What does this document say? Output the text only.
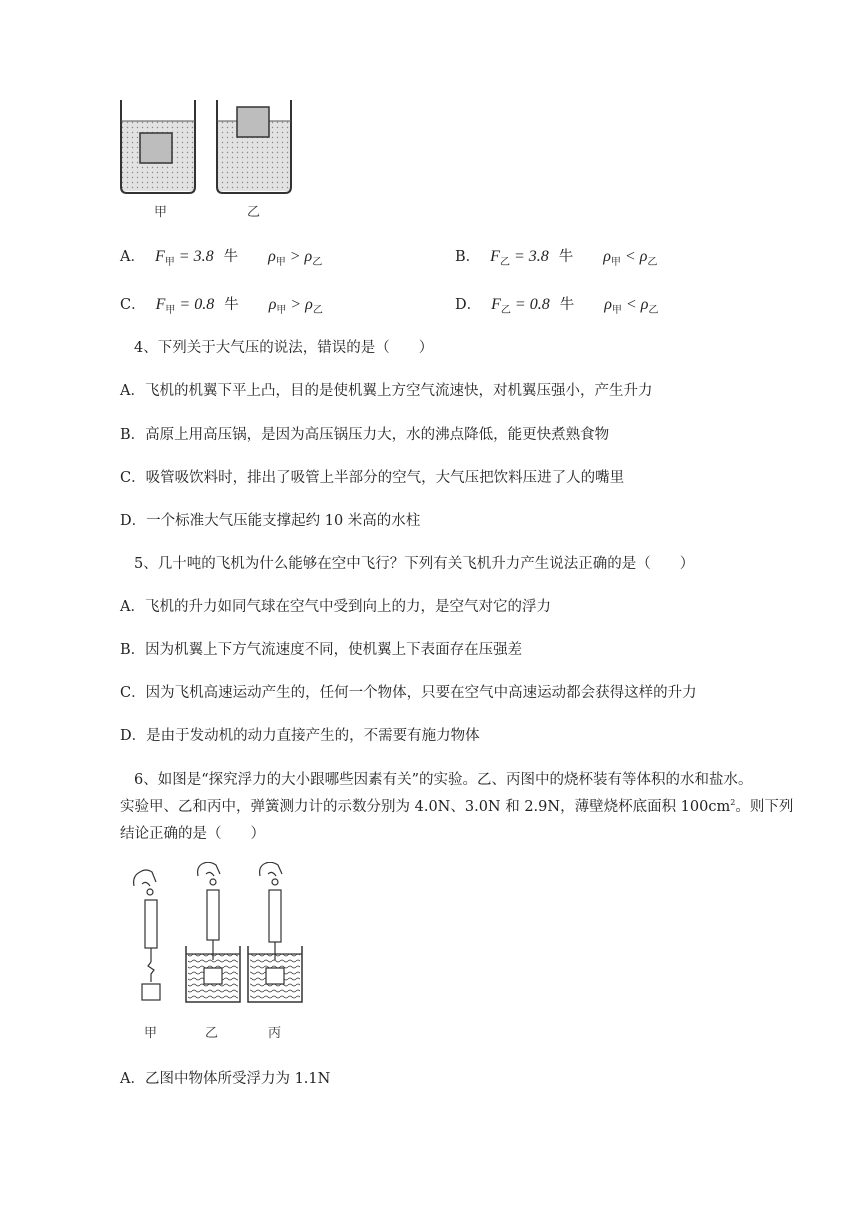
甲	乙
A． $F_甲 = 3.8$ 牛 $\rho_甲 > \rho_乙$	B． $F_乙 = 3.8$ 牛 $\rho_甲 < \rho_乙$
C． $F_甲 = 0.8$ 牛 $\rho_甲 > \rho_乙$	D． $F_乙 = 0.8$ 牛 $\rho_甲 < \rho_乙$
4、下列关于大气压的说法，错误的是（　　）
A．飞机的机翼下平上凸，目的是使机翼上方空气流速快，对机翼压强小，产生升力
B．高原上用高压锅，是因为高压锅压力大，水的沸点降低，能更快煮熟食物
C．吸管吸饮料时，排出了吸管上半部分的空气，大气压把饮料压进了人的嘴里
D．一个标准大气压能支撑起约 10 米高的水柱
5、几十吨的飞机为什么能够在空中飞行？下列有关飞机升力产生说法正确的是（　　）
A．飞机的升力如同气球在空气中受到向上的力，是空气对它的浮力
B．因为机翼上下方气流速度不同，使机翼上下表面存在压强差
C．因为飞机高速运动产生的，任何一个物体，只要在空气中高速运动都会获得这样的升力
D．是由于发动机的动力直接产生的，不需要有施力物体
6、如图是“探究浮力的大小跟哪些因素有关”的实验。乙、丙图中的烧杯装有等体积的水和盐水。
实验甲、乙和丙中，弹簧测力计的示数分别为 4.0N、3.0N 和 2.9N，薄壁烧杯底面积 $100cm^2$。则下列
结论正确的是（　　）
甲	乙	丙
A．乙图中物体所受浮力为 1.1N
